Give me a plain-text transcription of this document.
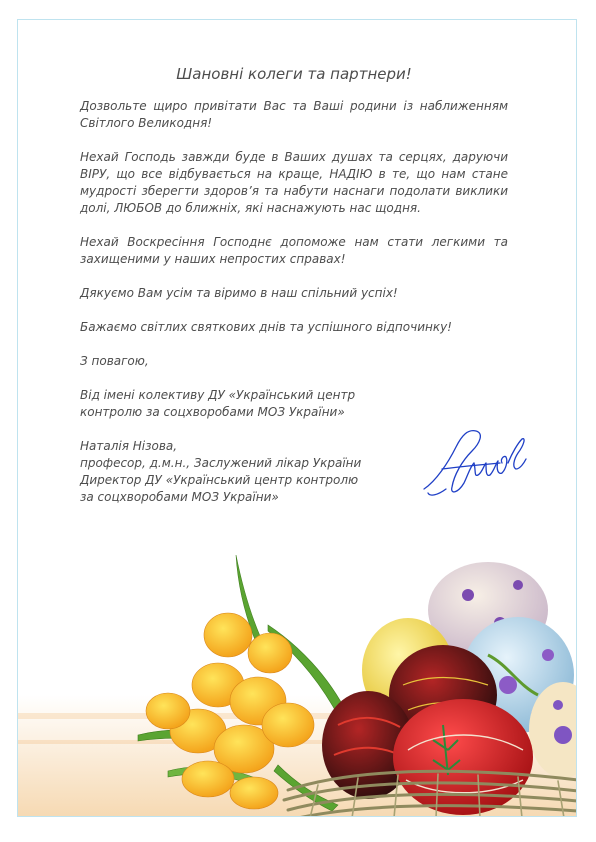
Шановні колеги та партнери!

Дозвольте щиро привітати Вас та Ваші родини із наближенням Світлого Великодня!

Нехай Господь завжди буде в Ваших душах та серцях, даруючи ВІРУ, що все відбувається на краще, НАДІЮ в те, що нам стане мудрості зберегти здоров’я та набути наснаги подолати виклики долі, ЛЮБОВ до ближніх, які наснажують нас щодня.

Нехай Воскресіння Господнє допоможе нам стати легкими та захищеними у наших непростих справах!

Дякуємо Вам усім та віримо в наш спільний успіх!

Бажаємо світлих святкових днів та успішного відпочинку!

З повагою,

Від імені колективу ДУ «Український центр
контролю за соцхворобами МОЗ України»
Наталія Нізова,
професор, д.м.н., Заслужений лікар України
Директор ДУ «Український центр контролю
за соцхворобами МОЗ України»
